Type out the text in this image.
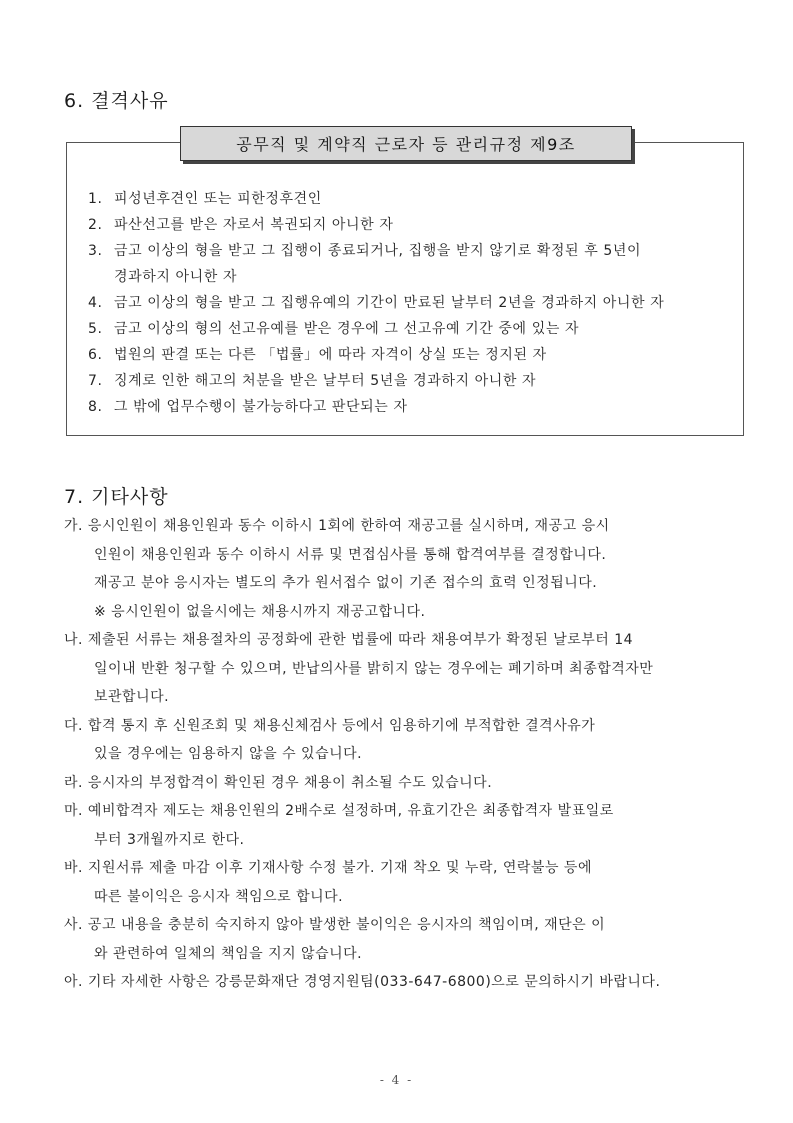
6. 결격사유
공무직 및 계약직 근로자 등 관리규정 제9조
1. 피성년후견인 또는 피한정후견인
2. 파산선고를 받은 자로서 복권되지 아니한 자
3. 금고 이상의 형을 받고 그 집행이 종료되거나, 집행을 받지 않기로 확정된 후 5년이
경과하지 아니한 자
4. 금고 이상의 형을 받고 그 집행유예의 기간이 만료된 날부터 2년을 경과하지 아니한 자
5. 금고 이상의 형의 선고유예를 받은 경우에 그 선고유예 기간 중에 있는 자
6. 법원의 판결 또는 다른 「법률」에 따라 자격이 상실 또는 정지된 자
7. 징계로 인한 해고의 처분을 받은 날부터 5년을 경과하지 아니한 자
8. 그 밖에 업무수행이 불가능하다고 판단되는 자
7. 기타사항
가. 응시인원이 채용인원과 동수 이하시 1회에 한하여 재공고를 실시하며, 재공고 응시
인원이 채용인원과 동수 이하시 서류 및 면접심사를 통해 합격여부를 결정합니다.
재공고 분야 응시자는 별도의 추가 원서접수 없이 기존 접수의 효력 인정됩니다.
※ 응시인원이 없을시에는 채용시까지 재공고합니다.
나. 제출된 서류는 채용절차의 공정화에 관한 법률에 따라 채용여부가 확정된 날로부터 14
일이내 반환 청구할 수 있으며, 반납의사를 밝히지 않는 경우에는 폐기하며 최종합격자만
보관합니다.
다. 합격 통지 후 신원조회 및 채용신체검사 등에서 임용하기에 부적합한 결격사유가
있을 경우에는 임용하지 않을 수 있습니다.
라. 응시자의 부정합격이 확인된 경우 채용이 취소될 수도 있습니다.
마. 예비합격자 제도는 채용인원의 2배수로 설정하며, 유효기간은 최종합격자 발표일로
부터 3개월까지로 한다.
바. 지원서류 제출 마감 이후 기재사항 수정 불가. 기재 착오 및 누락, 연락불능 등에
따른 불이익은 응시자 책임으로 합니다.
사. 공고 내용을 충분히 숙지하지 않아 발생한 불이익은 응시자의 책임이며, 재단은 이
와 관련하여 일체의 책임을 지지 않습니다.
아. 기타 자세한 사항은 강릉문화재단 경영지원팀(033-647-6800)으로 문의하시기 바랍니다.
- 4 -
